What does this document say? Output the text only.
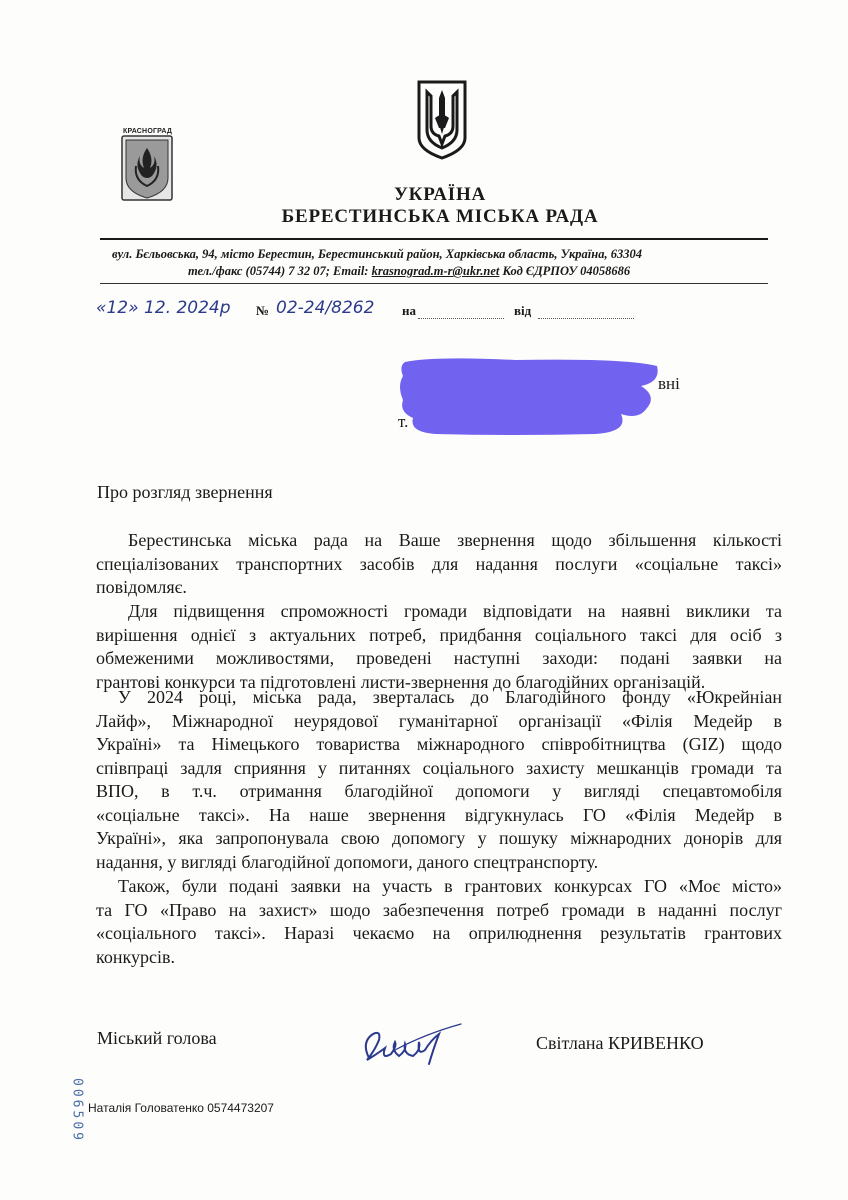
КРАСНОГРАД
УКРАЇНА
БЕРЕСТИНСЬКА МІСЬКА РАДА
вул. Бєльовська, 94, місто Берестин, Берестинський район, Харківська область, Україна, 63304
тел./факс (05744) 7 32 07; Email: krasnograd.m-r@ukr.net Код ЄДРПОУ 04058686
«12» 12. 2024р № 02-24/8262 на	від
вні
т.
Про розгляд звернення
Берестинська міська рада на Ваше звернення щодо збільшення кількості
спеціалізованих транспортних засобів для надання послуги «соціальне таксі»
повідомляє.
Для підвищення спроможності громади відповідати на наявні виклики та
вирішення однієї з актуальних потреб, придбання соціального таксі для осіб з
обмеженими можливостями, проведені наступні заходи: подані заявки на
грантові конкурси та підготовлені листи-звернення до благодійних організацій.
У 2024 році, міська рада, зверталась до Благодійного фонду «Юкрейніан
Лайф», Міжнародної неурядової гуманітарної організації «Філія Медейр в
Україні» та Німецького товариства міжнародного співробітництва (GIZ) щодо
співпраці задля сприяння у питаннях соціального захисту мешканців громади та
ВПО, в т.ч. отримання благодійної допомоги у вигляді спецавтомобіля
«соціальне таксі». На наше звернення відгукнулась ГО «Філія Медейр в
Україні», яка запропонувала свою допомогу у пошуку міжнародних донорів для
надання, у вигляді благодійної допомоги, даного спецтранспорту.
Також, були подані заявки на участь в грантових конкурсах ГО «Моє місто»
та ГО «Право на захист» шодо забезпечення потреб громади в наданні послуг
«соціального таксі». Наразі чекаємо на оприлюднення результатів грантових
конкурсів.
Міський голова	Світлана КРИВЕНКО
006509 Наталія Головатенко 0574473207
